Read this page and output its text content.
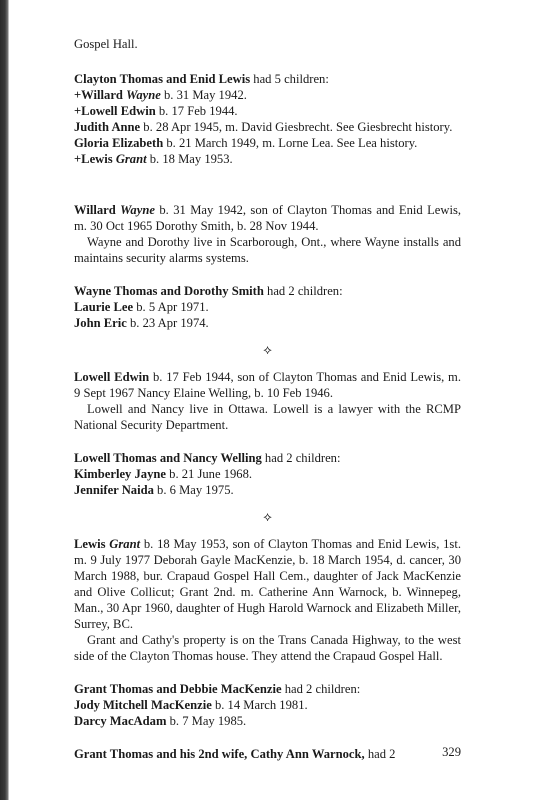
Gospel Hall.

Clayton Thomas and Enid Lewis had 5 children:

+Willard Wayne b. 31 May 1942.

+Lowell Edwin b. 17 Feb 1944.

Judith Anne b. 28 Apr 1945, m. David Giesbrecht. See Giesbrecht history.

Gloria Elizabeth b. 21 March 1949, m. Lorne Lea. See Lea history.

+Lewis Grant b. 18 May 1953.

Willard Wayne b. 31 May 1942, son of Clayton Thomas and Enid Lewis, m. 30 Oct 1965 Dorothy Smith, b. 28 Nov 1944.

Wayne and Dorothy live in Scarborough, Ont., where Wayne installs and maintains security alarms systems.

Wayne Thomas and Dorothy Smith had 2 children:

Laurie Lee b. 5 Apr 1971.

John Eric b. 23 Apr 1974.

⟡

Lowell Edwin b. 17 Feb 1944, son of Clayton Thomas and Enid Lewis, m. 9 Sept 1967 Nancy Elaine Welling, b. 10 Feb 1946.

Lowell and Nancy live in Ottawa. Lowell is a lawyer with the RCMP National Security Department.

Lowell Thomas and Nancy Welling had 2 children:

Kimberley Jayne b. 21 June 1968.

Jennifer Naida b. 6 May 1975.

⟡

Lewis Grant b. 18 May 1953, son of Clayton Thomas and Enid Lewis, 1st. m. 9 July 1977 Deborah Gayle MacKenzie, b. 18 March 1954, d. cancer, 30 March 1988, bur. Crapaud Gospel Hall Cem., daughter of Jack MacKenzie and Olive Collicut; Grant 2nd. m. Catherine Ann Warnock, b. Winnepeg, Man., 30 Apr 1960, daughter of Hugh Harold Warnock and Elizabeth Miller, Surrey, BC.

Grant and Cathy's property is on the Trans Canada Highway, to the west side of the Clayton Thomas house. They attend the Crapaud Gospel Hall.

Grant Thomas and Debbie MacKenzie had 2 children:

Jody Mitchell MacKenzie b. 14 March 1981.

Darcy MacAdam b. 7 May 1985.

Grant Thomas and his 2nd wife, Cathy Ann Warnock, had 2	329
